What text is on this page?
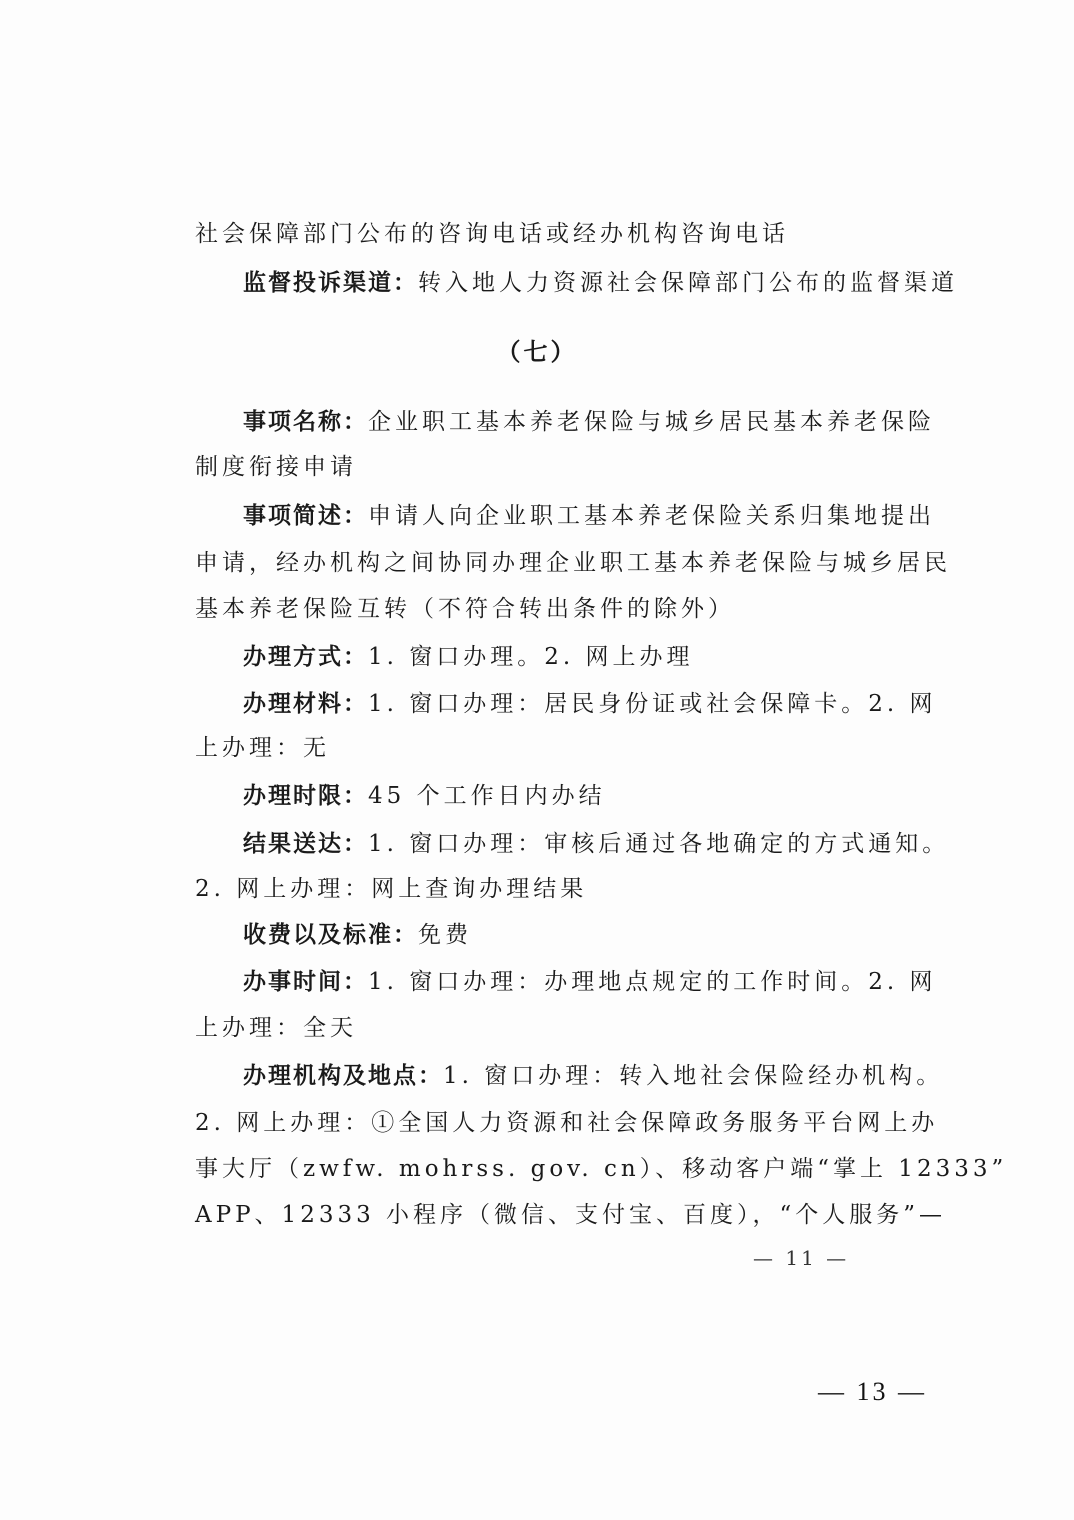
社会保障部门公布的咨询电话或经办机构咨询电话
监督投诉渠道：转入地人力资源社会保障部门公布的监督渠道
（七）
事项名称：企业职工基本养老保险与城乡居民基本养老保险
制度衔接申请
事项简述：申请人向企业职工基本养老保险关系归集地提出
申请，经办机构之间协同办理企业职工基本养老保险与城乡居民
基本养老保险互转（不符合转出条件的除外）
办理方式：1. 窗口办理。2. 网上办理
办理材料：1. 窗口办理：居民身份证或社会保障卡。2. 网
上办理：无
办理时限：45 个工作日内办结
结果送达：1. 窗口办理：审核后通过各地确定的方式通知。
2. 网上办理：网上查询办理结果
收费以及标准：免费
办事时间：1. 窗口办理：办理地点规定的工作时间。2. 网
上办理：全天
办理机构及地点：1. 窗口办理：转入地社会保险经办机构。
2. 网上办理：①全国人力资源和社会保障政务服务平台网上办
事大厅（zwfw. mohrss. gov. cn）、移动客户端“掌上 12333”
APP、12333 小程序（微信、支付宝、百度），“个人服务”—
— 11 —
— 13 —
